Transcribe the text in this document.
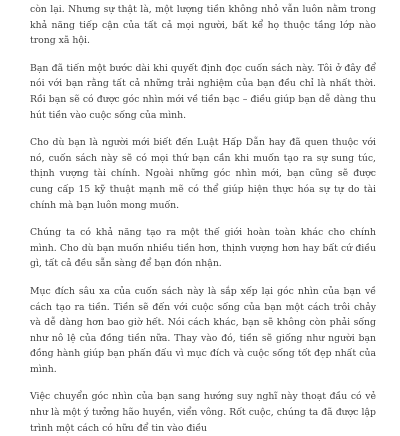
còn lại. Nhưng sự thật là, một lượng tiền không nhỏ vẫn luôn nằm trong khả năng tiếp cận của tất cả mọi người, bất kể họ thuộc tầng lớp nào trong xã hội.

Bạn đã tiến một bước dài khi quyết định đọc cuốn sách này. Tôi ở đây để nói với bạn rằng tất cả những trải nghiệm của bạn đều chỉ là nhất thời. Rồi bạn sẽ có được góc nhìn mới về tiền bạc – điều giúp bạn dễ dàng thu hút tiền vào cuộc sống của mình.

Cho dù bạn là người mới biết đến Luật Hấp Dẫn hay đã quen thuộc với nó, cuốn sách này sẽ có mọi thứ bạn cần khi muốn tạo ra sự sung túc, thịnh vượng tài chính. Ngoài những góc nhìn mới, bạn cũng sẽ được cung cấp 15 kỹ thuật mạnh mẽ có thể giúp hiện thực hóa sự tự do tài chính mà bạn luôn mong muốn.

Chúng ta có khả năng tạo ra một thế giới hoàn toàn khác cho chính mình. Cho dù bạn muốn nhiều tiền hơn, thịnh vượng hơn hay bất cứ điều gì, tất cả đều sẵn sàng để bạn đón nhận.

Mục đích sâu xa của cuốn sách này là sắp xếp lại góc nhìn của bạn về cách tạo ra tiền. Tiền sẽ đến với cuộc sống của bạn một cách trôi chảy và dễ dàng hơn bao giờ hết. Nói cách khác, bạn sẽ không còn phải sống như nô lệ của đồng tiền nữa. Thay vào đó, tiền sẽ giống như người bạn đồng hành giúp bạn phấn đấu vì mục đích và cuộc sống tốt đẹp nhất của mình.

Việc chuyển góc nhìn của bạn sang hướng suy nghĩ này thoạt đầu có vẻ như là một ý tưởng hão huyền, viển vông. Rốt cuộc, chúng ta đã được lập trình một cách có hữu để tin vào điều
